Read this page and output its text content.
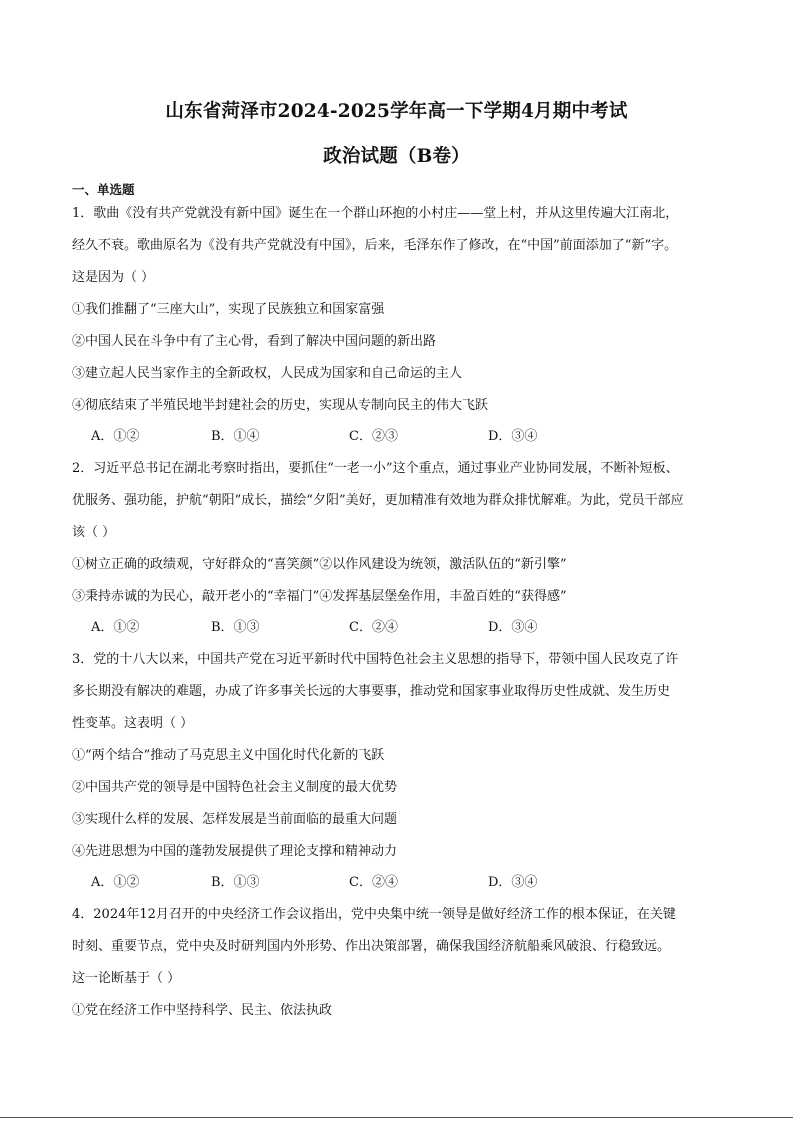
山东省菏泽市2024-2025学年高一下学期4月期中考试
政治试题（B卷）
一、单选题
1．歌曲《没有共产党就没有新中国》诞生在一个群山环抱的小村庄——堂上村，并从这里传遍大江南北，
经久不衰。歌曲原名为《没有共产党就没有中国》，后来，毛泽东作了修改，在“中国”前面添加了“新”字。
这是因为（ ）
①我们推翻了“三座大山”，实现了民族独立和国家富强
②中国人民在斗争中有了主心骨，看到了解决中国问题的新出路
③建立起人民当家作主的全新政权，人民成为国家和自己命运的主人
④彻底结束了半殖民地半封建社会的历史，实现从专制向民主的伟大飞跃
A．①②	B．①④	C．②③	D．③④
2．习近平总书记在湖北考察时指出，要抓住“一老一小”这个重点，通过事业产业协同发展，不断补短板、
优服务、强功能，护航“朝阳”成长，描绘“夕阳”美好，更加精准有效地为群众排忧解难。为此，党员干部应
该（ ）
①树立正确的政绩观，守好群众的“喜笑颜”②以作风建设为统领，激活队伍的“新引擎”
③秉持赤诚的为民心，敲开老小的“幸福门”④发挥基层堡垒作用，丰盈百姓的“获得感”
A．①②	B．①③	C．②④	D．③④
3．党的十八大以来，中国共产党在习近平新时代中国特色社会主义思想的指导下，带领中国人民攻克了许
多长期没有解决的难题，办成了许多事关长远的大事要事，推动党和国家事业取得历史性成就、发生历史
性变革。这表明（ ）
①“两个结合”推动了马克思主义中国化时代化新的飞跃
②中国共产党的领导是中国特色社会主义制度的最大优势
③实现什么样的发展、怎样发展是当前面临的最重大问题
④先进思想为中国的蓬勃发展提供了理论支撑和精神动力
A．①②	B．①③	C．②④	D．③④
4．2024年12月召开的中央经济工作会议指出，党中央集中统一领导是做好经济工作的根本保证，在关键
时刻、重要节点，党中央及时研判国内外形势、作出决策部署，确保我国经济航船乘风破浪、行稳致远。
这一论断基于（ ）
①党在经济工作中坚持科学、民主、依法执政
